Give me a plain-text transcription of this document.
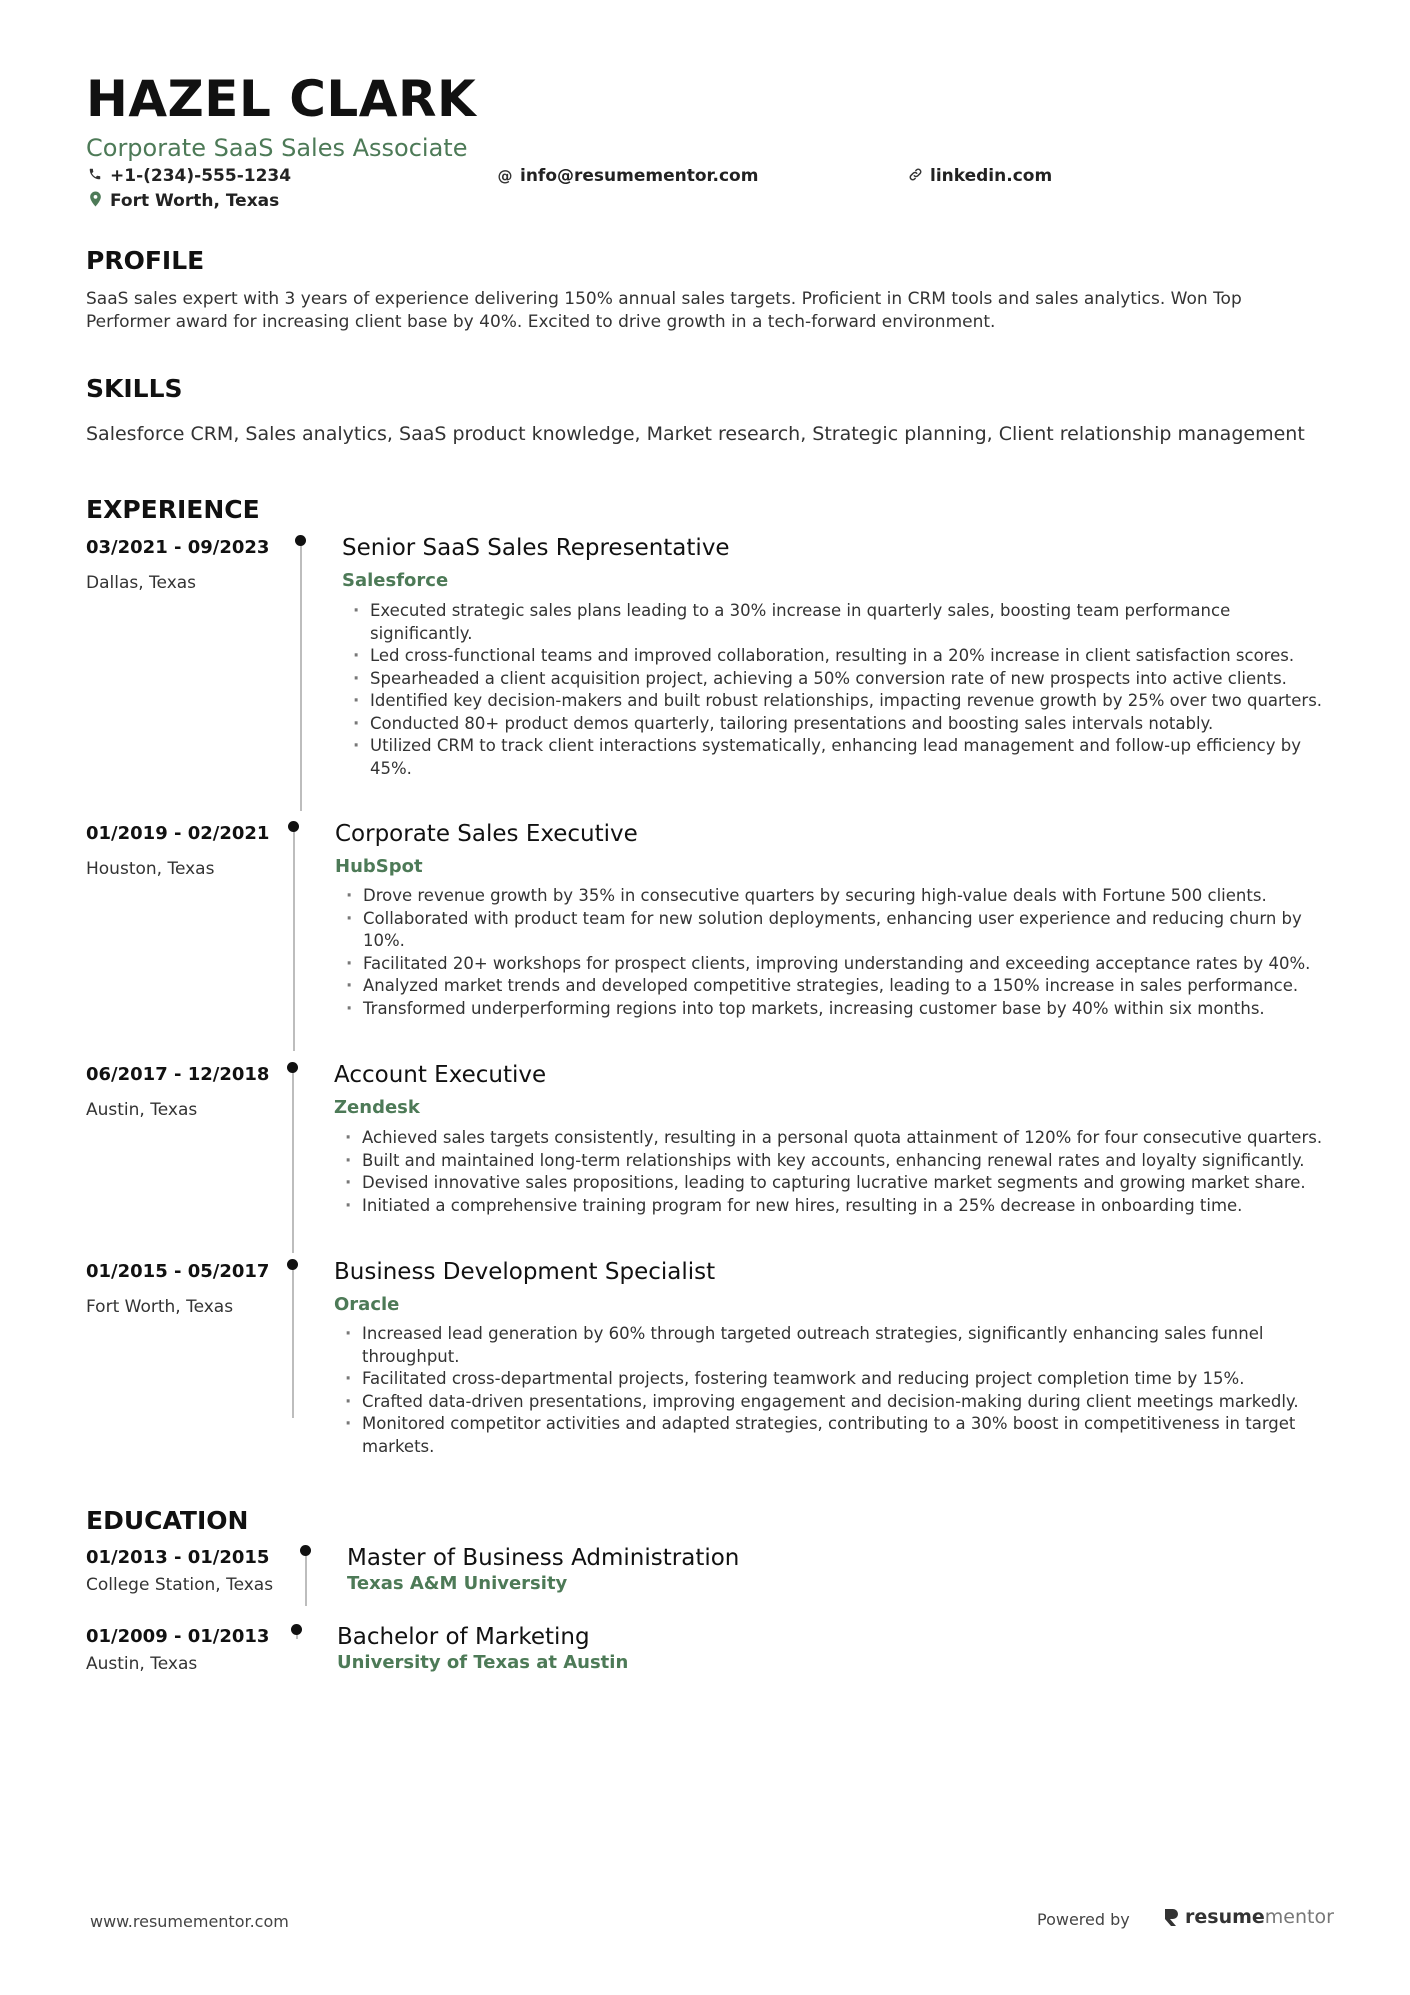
HAZEL CLARK
Corporate SaaS Sales Associate
+1-(234)-555-1234	@ info@resumementor.com	linkedin.com
Fort Worth, Texas
PROFILE
SaaS sales expert with 3 years of experience delivering 150% annual sales targets. Proficient in CRM tools and sales analytics. Won Top
Performer award for increasing client base by 40%. Excited to drive growth in a tech-forward environment.
SKILLS
Salesforce CRM, Sales analytics, SaaS product knowledge, Market research, Strategic planning, Client relationship management
EXPERIENCE
03/2021 - 09/2023
Dallas, Texas
Senior SaaS Sales Representative
Salesforce
· Executed strategic sales plans leading to a 30% increase in quarterly sales, boosting team performance significantly.
· Led cross-functional teams and improved collaboration, resulting in a 20% increase in client satisfaction scores.
· Spearheaded a client acquisition project, achieving a 50% conversion rate of new prospects into active clients.
· Identified key decision-makers and built robust relationships, impacting revenue growth by 25% over two quarters.
· Conducted 80+ product demos quarterly, tailoring presentations and boosting sales intervals notably.
· Utilized CRM to track client interactions systematically, enhancing lead management and follow-up efficiency by 45%.
01/2019 - 02/2021
Houston, Texas
Corporate Sales Executive
HubSpot
· Drove revenue growth by 35% in consecutive quarters by securing high-value deals with Fortune 500 clients.
· Collaborated with product team for new solution deployments, enhancing user experience and reducing churn by 10%.
· Facilitated 20+ workshops for prospect clients, improving understanding and exceeding acceptance rates by 40%.
· Analyzed market trends and developed competitive strategies, leading to a 150% increase in sales performance.
· Transformed underperforming regions into top markets, increasing customer base by 40% within six months.
06/2017 - 12/2018
Austin, Texas
Account Executive
Zendesk
· Achieved sales targets consistently, resulting in a personal quota attainment of 120% for four consecutive quarters.
· Built and maintained long-term relationships with key accounts, enhancing renewal rates and loyalty significantly.
· Devised innovative sales propositions, leading to capturing lucrative market segments and growing market share.
· Initiated a comprehensive training program for new hires, resulting in a 25% decrease in onboarding time.
01/2015 - 05/2017
Fort Worth, Texas
Business Development Specialist
Oracle
· Increased lead generation by 60% through targeted outreach strategies, significantly enhancing sales funnel throughput.
· Facilitated cross-departmental projects, fostering teamwork and reducing project completion time by 15%.
· Crafted data-driven presentations, improving engagement and decision-making during client meetings markedly.
· Monitored competitor activities and adapted strategies, contributing to a 30% boost in competitiveness in target markets.
EDUCATION
01/2013 - 01/2015
College Station, Texas
Master of Business Administration
Texas A&M University
01/2009 - 01/2013
Austin, Texas
Bachelor of Marketing
University of Texas at Austin
www.resumementor.com	Powered by	resume mentor
